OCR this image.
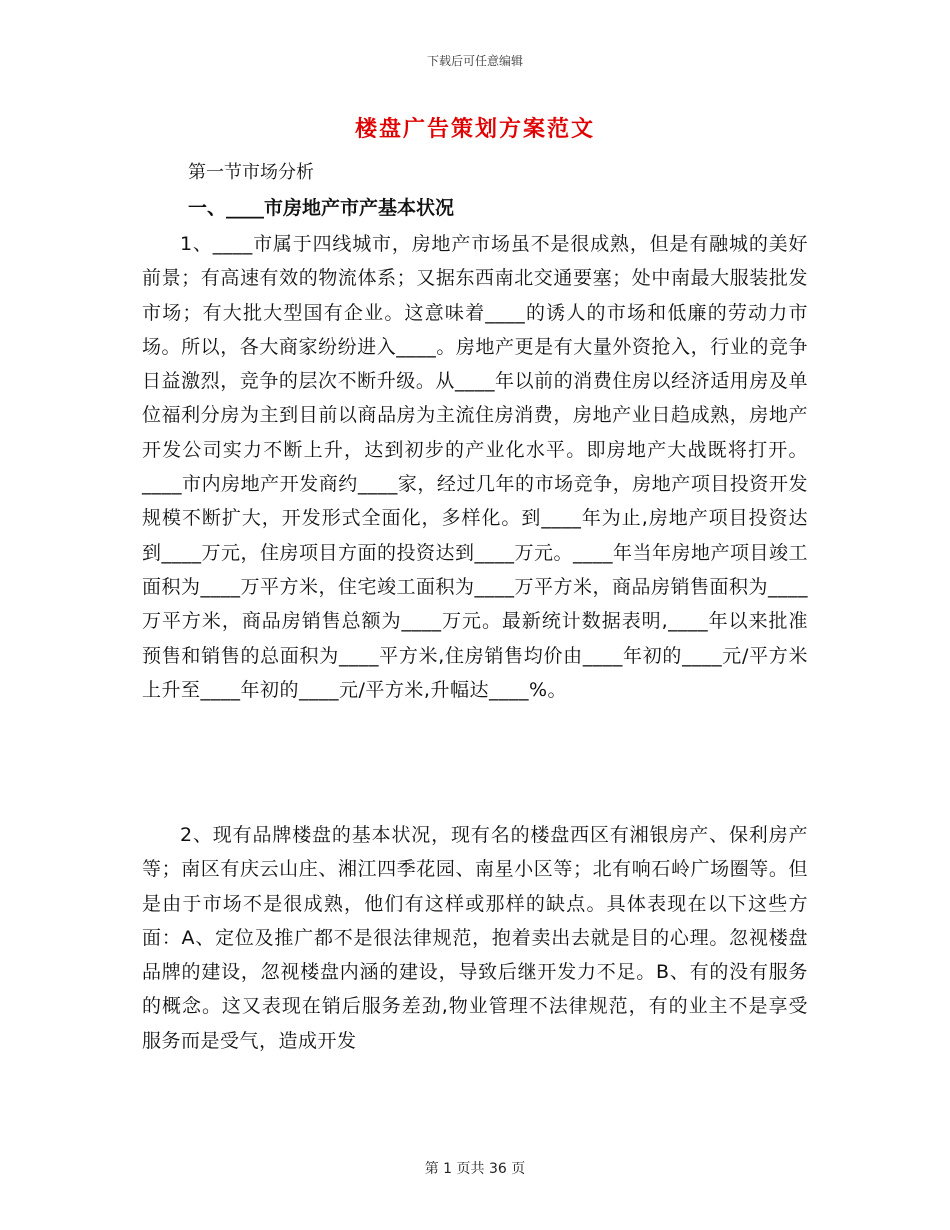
下载后可任意编辑
楼盘广告策划方案范文
第一节市场分析
一、____市房地产市产基本状况

1、____市属于四线城市，房地产市场虽不是很成熟，但是有融城的美好前景；有高速有效的物流体系；又据东西南北交通要塞；处中南最大服装批发市场；有大批大型国有企业。这意味着____的诱人的市场和低廉的劳动力市场。所以，各大商家纷纷进入____。房地产更是有大量外资抢入，行业的竞争日益激烈，竞争的层次不断升级。从____年以前的消费住房以经济适用房及单位福利分房为主到目前以商品房为主流住房消费，房地产业日趋成熟，房地产开发公司实力不断上升，达到初步的产业化水平。即房地产大战既将打开。____市内房地产开发商约____家，经过几年的市场竞争，房地产项目投资开发规模不断扩大，开发形式全面化，多样化。到____年为止,房地产项目投资达到____万元，住房项目方面的投资达到____万元。____年当年房地产项目竣工面积为____万平方米，住宅竣工面积为____万平方米，商品房销售面积为____万平方米，商品房销售总额为____万元。最新统计数据表明,____年以来批准预售和销售的总面积为____平方米,住房销售均价由____年初的____元/平方米上升至____年初的____元/平方米,升幅达____%。

2、现有品牌楼盘的基本状况，现有名的楼盘西区有湘银房产、保利房产等；南区有庆云山庄、湘江四季花园、南星小区等；北有响石岭广场圈等。但是由于市场不是很成熟，他们有这样或那样的缺点。具体表现在以下这些方面：A、定位及推广都不是很法律规范，抱着卖出去就是目的心理。忽视楼盘品牌的建设，忽视楼盘内涵的建设，导致后继开发力不足。B、有的没有服务的概念。这又表现在销后服务差劲,物业管理不法律规范，有的业主不是享受服务而是受气，造成开发

第 1 页共 36 页
